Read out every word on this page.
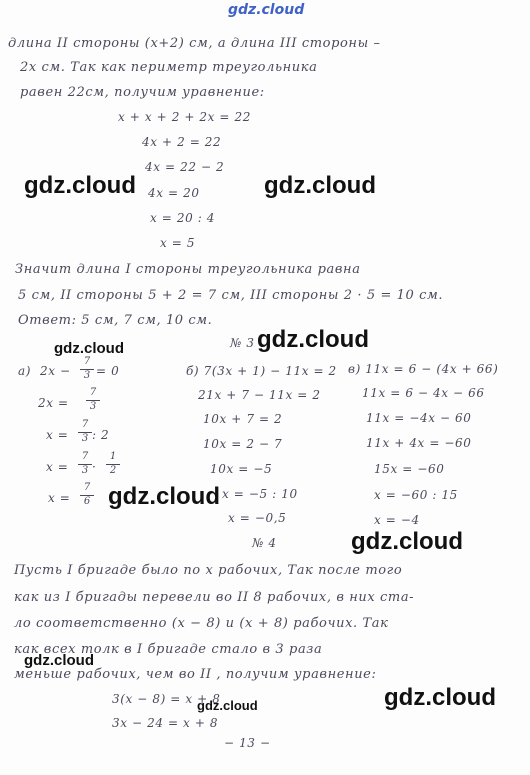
gdz.cloud
длина II стороны (x+2) см, а длина III стороны –
2x см. Так как периметр треугольника
равен 22см, получим уравнение:
x + x + 2 + 2x = 22
4x + 2 = 22
4x = 22 − 2
4x = 20
x = 20 : 4
x = 5
Значит длина I стороны треугольника равна
5 см, II стороны 5 + 2 = 7 см, III стороны 2 · 5 = 10 см.
Ответ: 5 см, 7 см, 10 см.
№ 3
а) 2x −
7
3 = 0
2x =
7
3
x =
7
3 : 2
x =
7
3 ·
1
2
x =
7
6
б) 7(3x + 1) − 11x = 2
21x + 7 − 11x = 2
10x + 7 = 2
10x = 2 − 7
10x = −5
x = −5 : 10
x = −0,5
в) 11x = 6 − (4x + 66)
11x = 6 − 4x − 66
11x = −4x − 60
11x + 4x = −60
15x = −60
x = −60 : 15
x = −4
№ 4
Пусть I бригаде было по x рабочих, Так после того
как из I бригады перевели во II 8 рабочих, в них ста-
ло соответственно (x − 8) и (x + 8) рабочих. Так
как всех толк в I бригаде стало в 3 раза
меньше рабочих, чем во II , получим уравнение:
3(x − 8) = x + 8
3x − 24 = x + 8
− 13 −
gdz.cloud	gdz.cloud
gdz.cloud
gdz.cloud
gdz.cloud
gdz.cloud
gdz.cloud
gdz.cloud
gdz.cloud
